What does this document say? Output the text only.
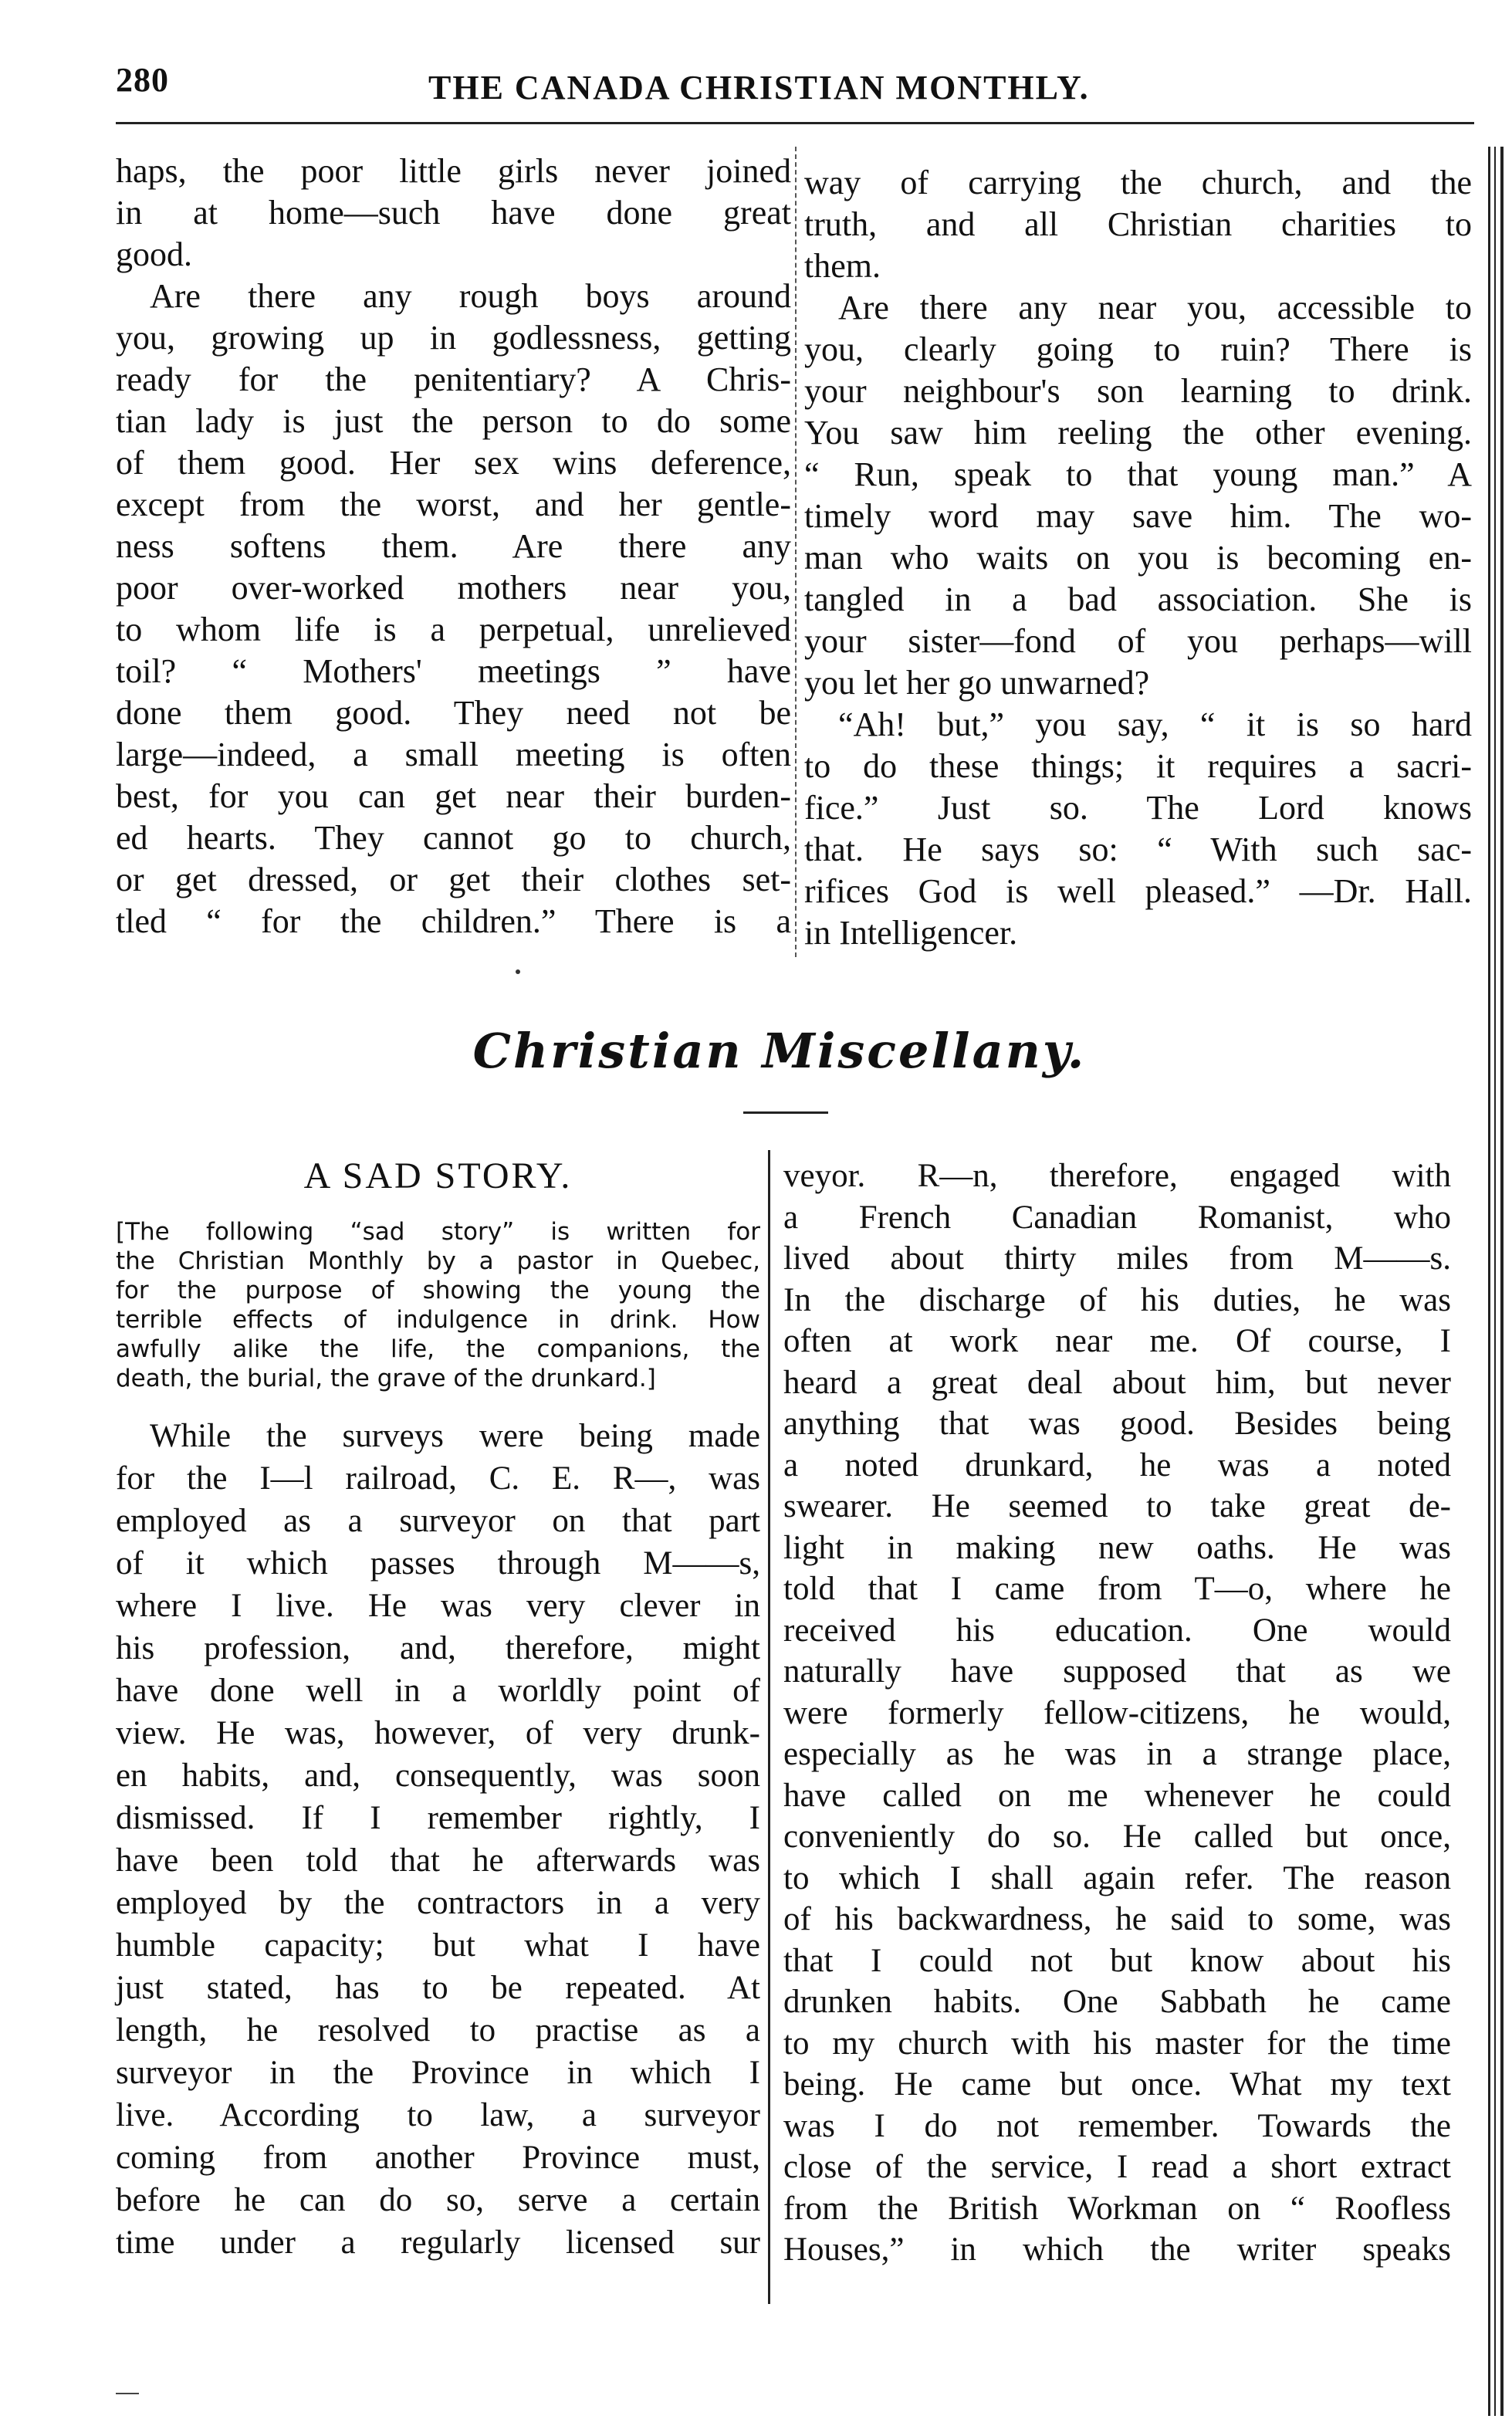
280	THE CANADA CHRISTIAN MONTHLY.

haps, the poor little girls never joined

in at home—such have done great

good.

Are there any rough boys around

you, growing up in godlessness, getting

ready for the penitentiary? A Chris-

tian lady is just the person to do some

of them good. Her sex wins deference,

except from the worst, and her gentle-

ness softens them. Are there any

poor over-worked mothers near you,

to whom life is a perpetual, unrelieved

toil? “ Mothers' meetings ” have

done them good. They need not be

large—indeed, a small meeting is often

best, for you can get near their burden-

ed hearts. They cannot go to church,

or get dressed, or get their clothes set-

tled “ for the children.” There is a

way of carrying the church, and the

truth, and all Christian charities to

them.

Are there any near you, accessible to

you, clearly going to ruin? There is

your neighbour's son learning to drink.

You saw him reeling the other evening.

“ Run, speak to that young man.” A

timely word may save him. The wo-

man who waits on you is becoming en-

tangled in a bad association. She is

your sister—fond of you perhaps—will

you let her go unwarned?

“Ah! but,” you say, “ it is so hard

to do these things; it requires a sacri-

fice.” Just so. The Lord knows

that. He says so: “ With such sac-

rifices God is well pleased.” —Dr. Hall.

in Intelligencer.

Christian Miscellany.
A SAD STORY.

[The following “sad story” is written for

the Christian Monthly by a pastor in Quebec,

for the purpose of showing the young the

terrible effects of indulgence in drink. How

awfully alike the life, the companions, the

death, the burial, the grave of the drunkard.]

While the surveys were being made

for the I—l railroad, C. E. R—, was

employed as a surveyor on that part

of it which passes through M——s,

where I live. He was very clever in

his profession, and, therefore, might

have done well in a worldly point of

view. He was, however, of very drunk-

en habits, and, consequently, was soon

dismissed. If I remember rightly, I

have been told that he afterwards was

employed by the contractors in a very

humble capacity; but what I have

just stated, has to be repeated. At

length, he resolved to practise as a

surveyor in the Province in which I

live. According to law, a surveyor

coming from another Province must,

before he can do so, serve a certain

time under a regularly licensed sur

veyor. R—n, therefore, engaged with

a French Canadian Romanist, who

lived about thirty miles from M——s.

In the discharge of his duties, he was

often at work near me. Of course, I

heard a great deal about him, but never

anything that was good. Besides being

a noted drunkard, he was a noted

swearer. He seemed to take great de-

light in making new oaths. He was

told that I came from T—o, where he

received his education. One would

naturally have supposed that as we

were formerly fellow-citizens, he would,

especially as he was in a strange place,

have called on me whenever he could

conveniently do so. He called but once,

to which I shall again refer. The reason

of his backwardness, he said to some, was

that I could not but know about his

drunken habits. One Sabbath he came

to my church with his master for the time

being. He came but once. What my text

was I do not remember. Towards the

close of the service, I read a short extract

from the British Workman on “ Roofless

Houses,” in which the writer speaks
